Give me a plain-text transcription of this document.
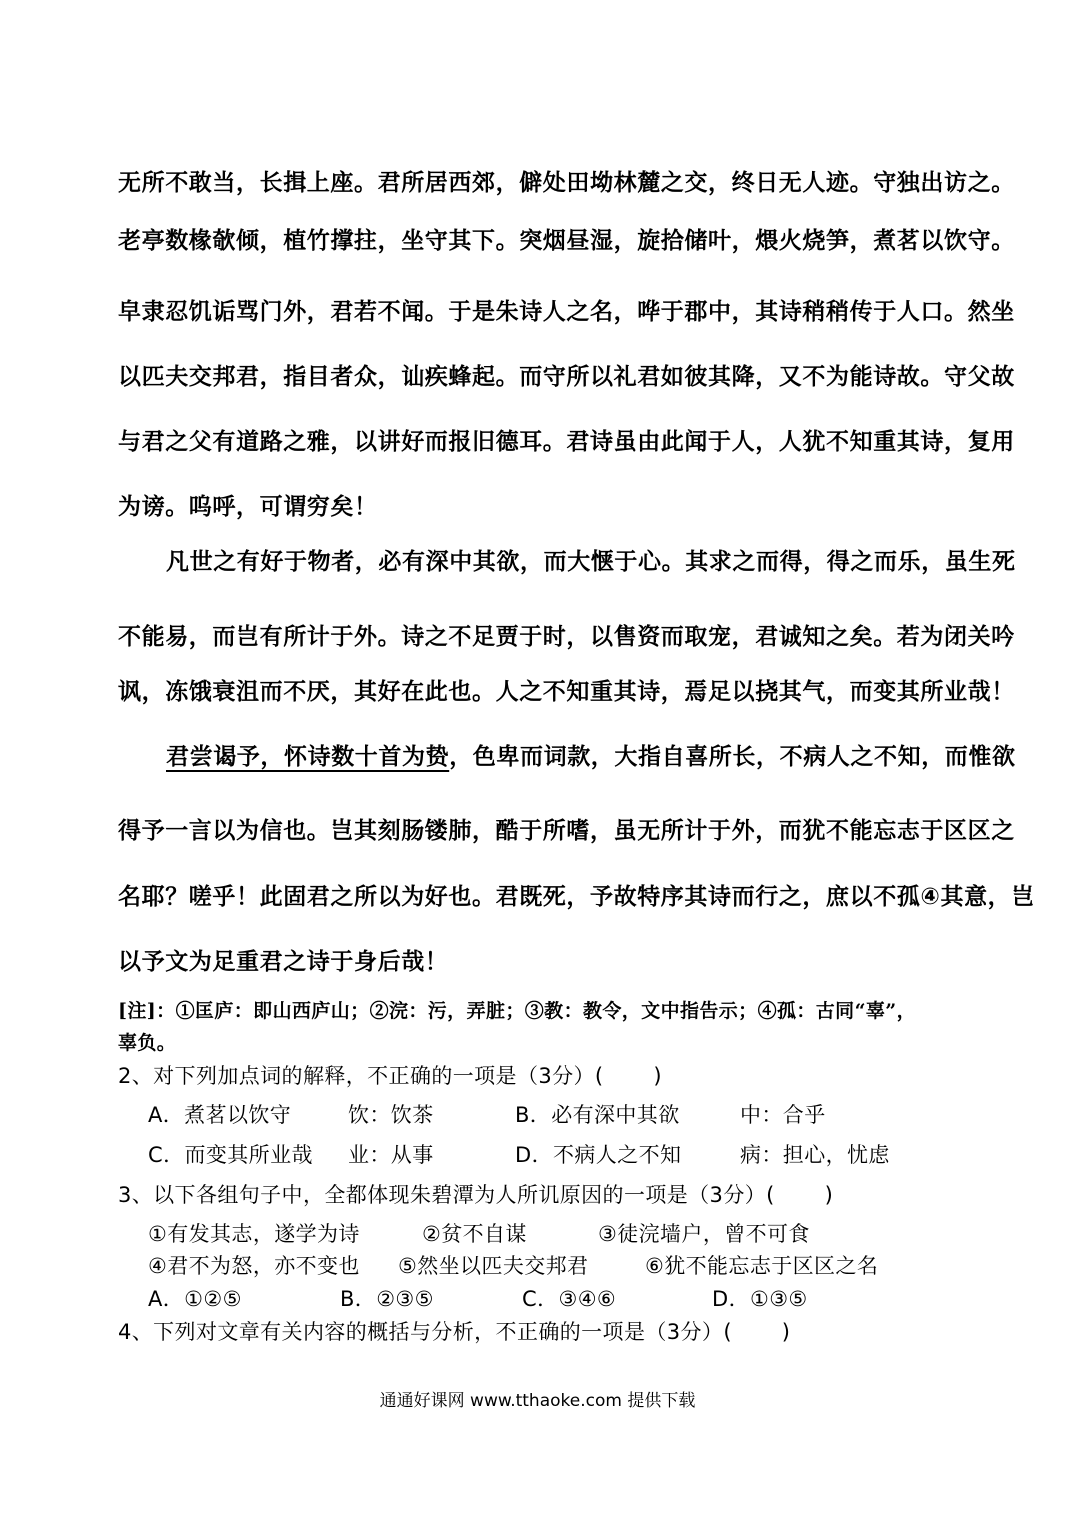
无所不敢当，长揖上座。君所居西郊，僻处田坳林麓之交，终日无人迹。守独出访之。
老亭数椽欹倾，植竹撑拄，坐守其下。突烟昼湿，旋拾储叶，煨火烧笋，煮茗以饮守。
皁隶忍饥诟骂门外，君若不闻。于是朱诗人之名，哗于郡中，其诗稍稍传于人口。然坐
以匹夫交邦君，指目者众，讪疾蜂起。而守所以礼君如彼其降，又不为能诗故。守父故
与君之父有道路之雅，以讲好而报旧德耳。君诗虽由此闻于人，人犹不知重其诗，复用
为谤。呜呼，可谓穷矣！
凡世之有好于物者，必有深中其欲，而大惬于心。其求之而得，得之而乐，虽生死
不能易，而岂有所计于外。诗之不足贾于时，以售资而取宠，君诚知之矣。若为闭关吟
讽，冻饿衰沮而不厌，其好在此也。人之不知重其诗，焉足以挠其气，而变其所业哉！
君尝谒予，怀诗数十首为贽，色卑而词款，大指自喜所长，不病人之不知，而惟欲
得予一言以为信也。岂其刻肠镂肺，酷于所嗜，虽无所计于外，而犹不能忘志于区区之
名耶？嗟乎！此固君之所以为好也。君既死，予故特序其诗而行之，庶以不孤④其意，岂
以予文为足重君之诗于身后哉！
[注]：①匡庐：即山西庐山；②浣：污，弄脏；③教：教令，文中指告示；④孤：古同“辜”，
辜负。
2、对下列加点词的解释，不正确的一项是（3分）(　　 )
A．煮茗以饮守	饮：饮茶	B．必有深中其欲	中：合乎
C．而变其所业哉 业：从事	D．不病人之不知	病：担心，忧虑
3、以下各组句子中，全都体现朱碧潭为人所讥原因的一项是（3分）(　　 )
①有发其志，遂学为诗	②贫不自谋	③徒浣墙户，曾不可食
④君不为怒，亦不变也 ⑤然坐以匹夫交邦君	⑥犹不能忘志于区区之名
A．①②⑤	B．②③⑤	C．③④⑥	D．①③⑤
4、下列对文章有关内容的概括与分析，不正确的一项是（3分）(　　 )
通通好课网 www.tthaoke.com 提供下载
